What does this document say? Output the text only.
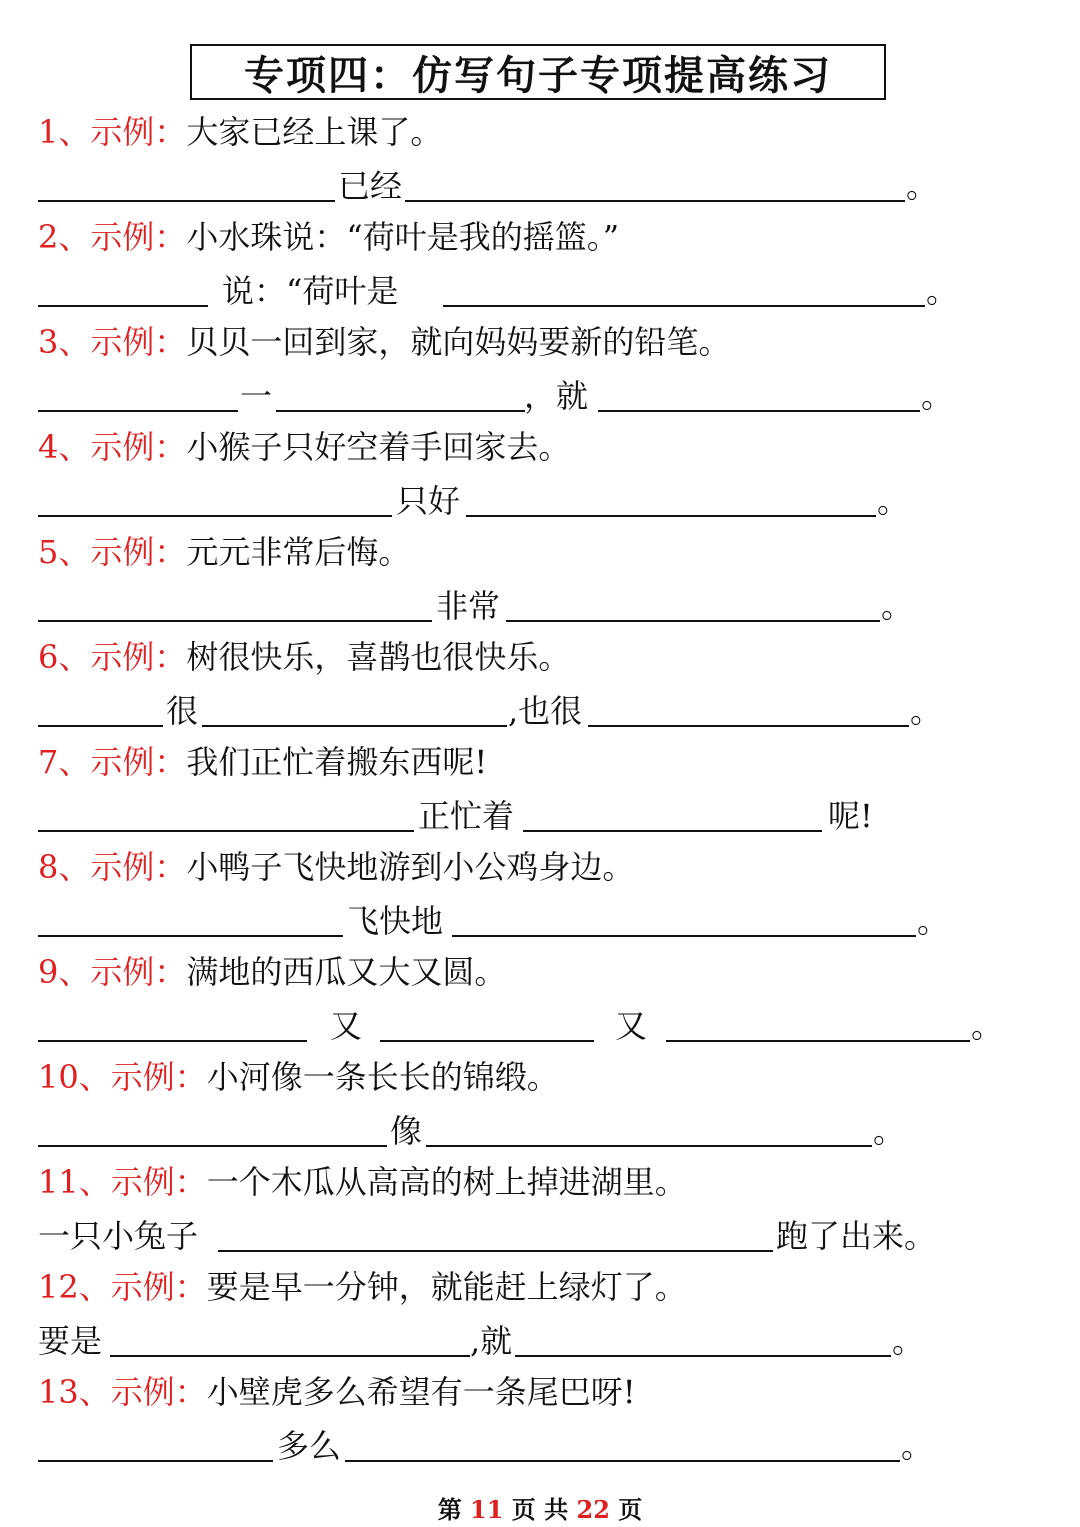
专项四：仿写句子专项提高练习
1、示例：大家已经上课了。
已经	。
2、示例：小水珠说：“荷叶是我的摇篮。”
说：“荷叶是	。
3、示例：贝贝一回到家，就向妈妈要新的铅笔。
一	，就	。
4、示例：小猴子只好空着手回家去。
只好	。
5、示例：元元非常后悔。
非常	。
6、示例：树很快乐，喜鹊也很快乐。
很	,也很	。
7、示例：我们正忙着搬东西呢!
正忙着	呢!
8、示例：小鸭子飞快地游到小公鸡身边。
飞快地	。
9、示例：满地的西瓜又大又圆。
又	又	。
10、示例：小河像一条长长的锦缎。
像	。
11、示例：一个木瓜从高高的树上掉进湖里。
一只小兔子	跑了出来。
12、示例：要是早一分钟，就能赶上绿灯了。
要是	,就	。
13、示例：小壁虎多么希望有一条尾巴呀!
多么	。
第 11 页 共 22 页
